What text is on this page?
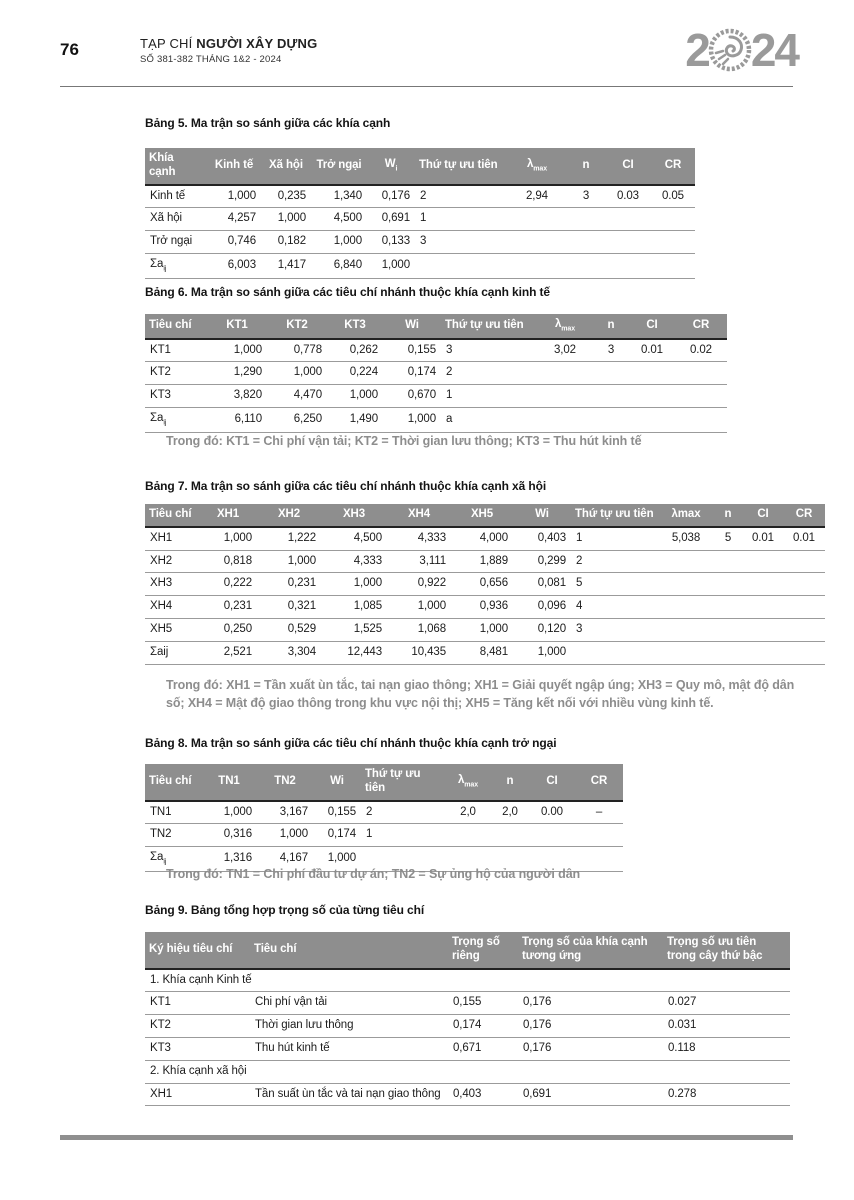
76	TẠP CHÍ NGƯỜI XÂY DỰNG
SỐ 381-382 THÁNG 1&2 - 2024	2 24
Bảng 5. Ma trận so sánh giữa các khía cạnh
Khía cạnh	Kinh tế	Xã hội	Trở ngại	$W_i$	Thứ tự ưu tiên	$\lambda_{max}$	n	CI	CR
Kinh tế	1,000	0,235	1,340	0,176	2	2,94	3	0.03	0.05
Xã hội	4,257	1,000	4,500	0,691	1				
Trở ngại	0,746	0,182	1,000	0,133	3				
$\Sigma a_{ij}$	6,003	1,417	6,840	1,000					
Bảng 6. Ma trận so sánh giữa các tiêu chí nhánh thuộc khía cạnh kinh tế
Tiêu chí	KT1	KT2	KT3	Wi	Thứ tự ưu tiên	$\lambda_{max}$	n	CI	CR
KT1	1,000	0,778	0,262	0,155	3	3,02	3	0.01	0.02
KT2	1,290	1,000	0,224	0,174	2				
KT3	3,820	4,470	1,000	0,670	1				
$\Sigma a_{ij}$	6,110	6,250	1,490	1,000	a				
Trong đó: KT1 = Chi phí vận tải; KT2 = Thời gian lưu thông; KT3 = Thu hút kinh tế
Bảng 7. Ma trận so sánh giữa các tiêu chí nhánh thuộc khía cạnh xã hội
Tiêu chí	XH1	XH2	XH3	XH4	XH5	Wi	Thứ tự ưu tiên	λmax	n	CI	CR
XH1	1,000	1,222	4,500	4,333	4,000	0,403	1	5,038	5	0.01	0.01
XH2	0,818	1,000	4,333	3,111	1,889	0,299	2				
XH3	0,222	0,231	1,000	0,922	0,656	0,081	5				
XH4	0,231	0,321	1,085	1,000	0,936	0,096	4				
XH5	0,250	0,529	1,525	1,068	1,000	0,120	3				
Σaij	2,521	3,304	12,443	10,435	8,481	1,000					
Trong đó: XH1 = Tần xuất ùn tắc, tai nạn giao thông; XH1 = Giải quyết ngập úng; XH3 = Quy mô, mật độ dân số; XH4 = Mật độ giao thông trong khu vực nội thị; XH5 = Tăng kết nối với nhiều vùng kinh tế.
Bảng 8. Ma trận so sánh giữa các tiêu chí nhánh thuộc khía cạnh trở ngại
Tiêu chí	TN1	TN2	Wi	Thứ tự ưu tiên	$\lambda_{max}$	n	CI	CR
TN1	1,000	3,167	0,155	2	2,0	2,0	0.00	–
TN2	0,316	1,000	0,174	1				
$\Sigma a_{ij}$	1,316	4,167	1,000					
Trong đó: TN1 = Chi phí đầu tư dự án; TN2 = Sự ủng hộ của người dân
Bảng 9. Bảng tổng hợp trọng số của từng tiêu chí
Ký hiệu tiêu chí	Tiêu chí	Trọng số riêng	Trọng số của khía cạnh tương ứng	Trọng số ưu tiên trong cây thứ bậc
1. Khía cạnh Kinh tế				
KT1	Chi phí vận tải	0,155	0,176	0.027
KT2	Thời gian lưu thông	0,174	0,176	0.031
KT3	Thu hút kinh tế	0,671	0,176	0.118
2. Khía cạnh xã hội				
XH1	Tần suất ùn tắc và tai nạn giao thông	0,403	0,691	0.278
